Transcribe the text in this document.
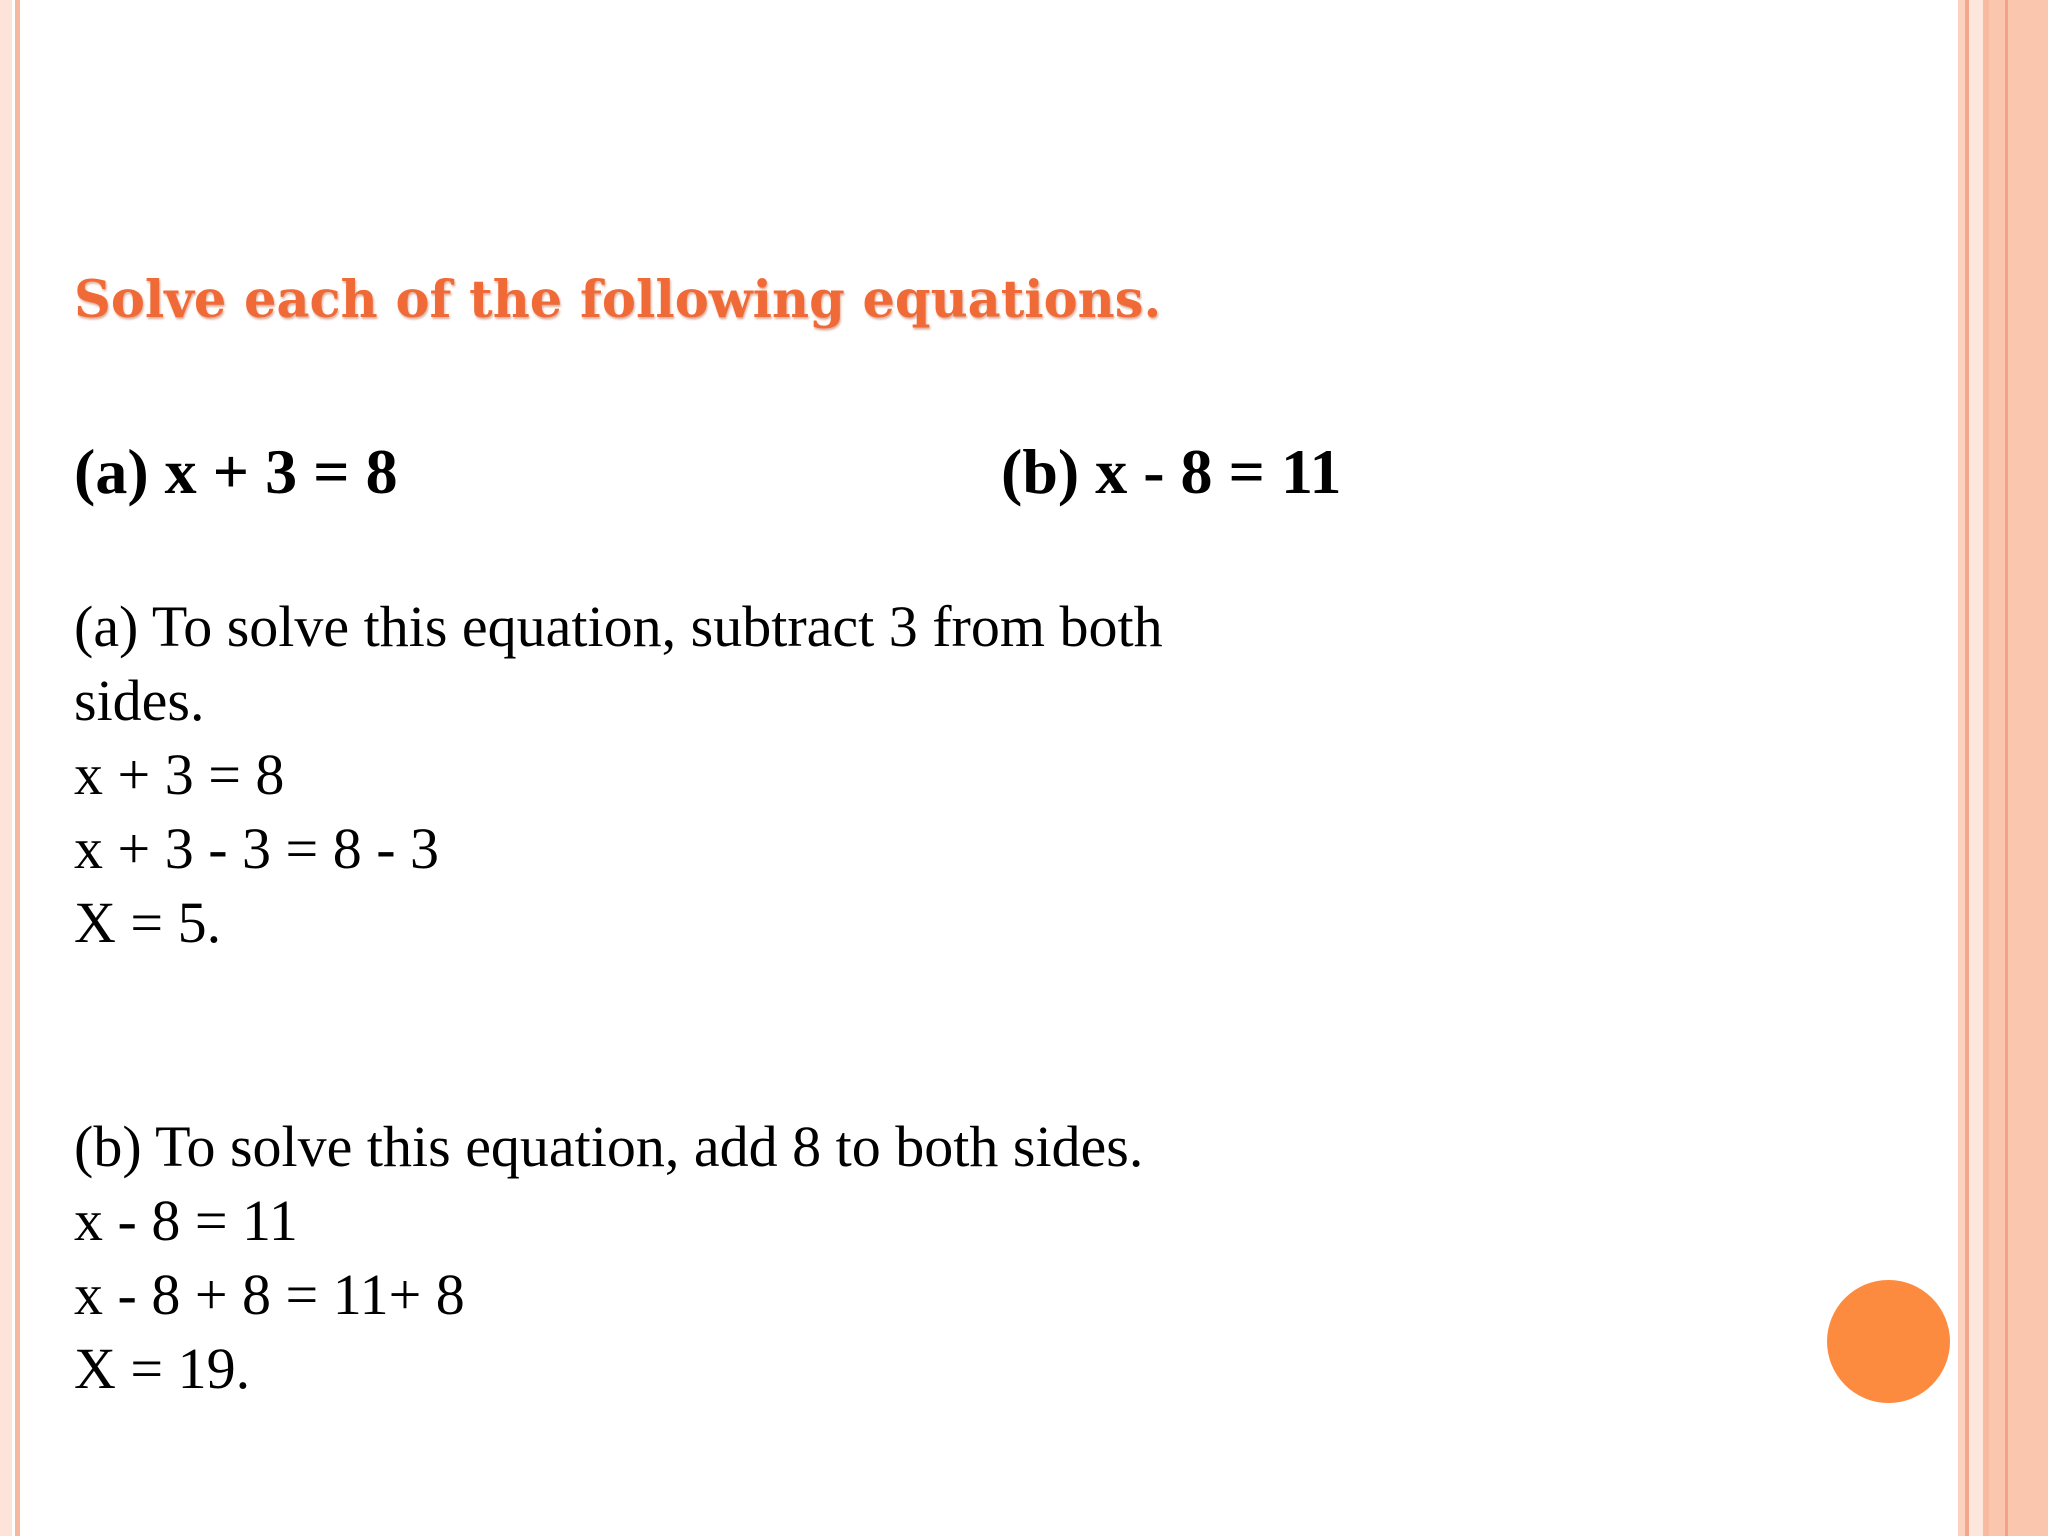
Solve each of the following equations.
(a) x + 3 = 8	(b) x - 8 = 11
(a) To solve this equation, subtract 3 from both
sides.
x + 3 = 8
x + 3 - 3 = 8 - 3
X = 5.
(b) To solve this equation, add 8 to both sides.
x - 8 = 11
x - 8 + 8 = 11+ 8
X = 19.
